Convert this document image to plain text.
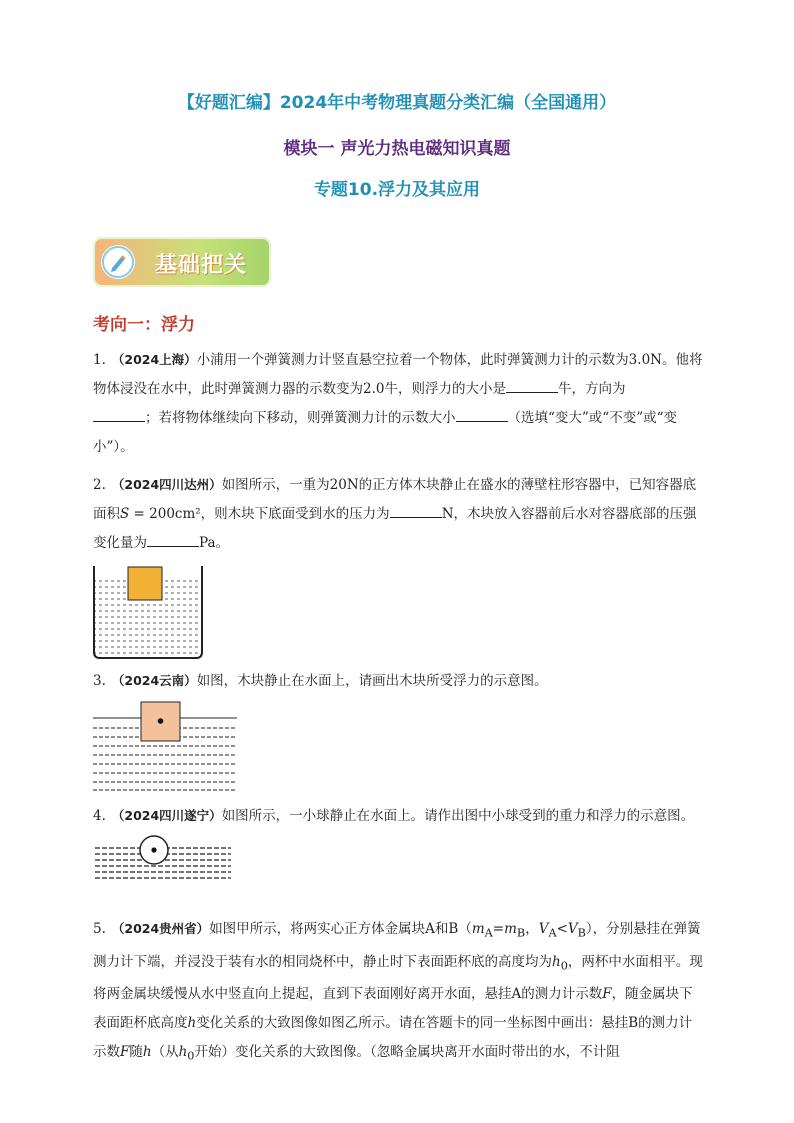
【好题汇编】2024年中考物理真题分类汇编（全国通用）
模块一 声光力热电磁知识真题
专题10.浮力及其应用
基础把关
考向一：浮力

1. （2024上海）小浦用一个弹簧测力计竖直悬空拉着一个物体，此时弹簧测力计的示数为3.0N。他将物体浸没在水中，此时弹簧测力器的示数变为2.0牛，则浮力的大小是	牛，方向为
；若将物体继续向下移动，则弹簧测力计的示数大小	（选填“变大”或“不变”或“变小”）。

2. （2024四川达州）如图所示，一重为20N的正方体木块静止在盛水的薄壁柱形容器中，已知容器底面积S = 200cm²，则木块下底面受到水的压力为	N，木块放入容器前后水对容器底部的压强变化量为	Pa。

3. （2024云南）如图，木块静止在水面上，请画出木块所受浮力的示意图。

4. （2024四川遂宁）如图所示，一小球静止在水面上。请作出图中小球受到的重力和浮力的示意图。

5. （2024贵州省）如图甲所示，将两实心正方体金属块A和$B(m_A=m_B$，$V_A<V_B$），分别悬挂在弹簧测力计下端，并浸没于装有水的相同烧杯中，静止时下表面距杯底的高度均为$h_0$，两杯中水面相平。现将两金属块缓慢从水中竖直向上提起，直到下表面刚好离开水面，悬挂A的测力计示数F，随金属块下表面距杯底高度h变化关系的大致图像如图乙所示。请在答题卡的同一坐标图中画出：悬挂B的测力计示数F随h（从$h_0$开始）变化关系的大致图像。（忽略金属块离开水面时带出的水，不计阻
